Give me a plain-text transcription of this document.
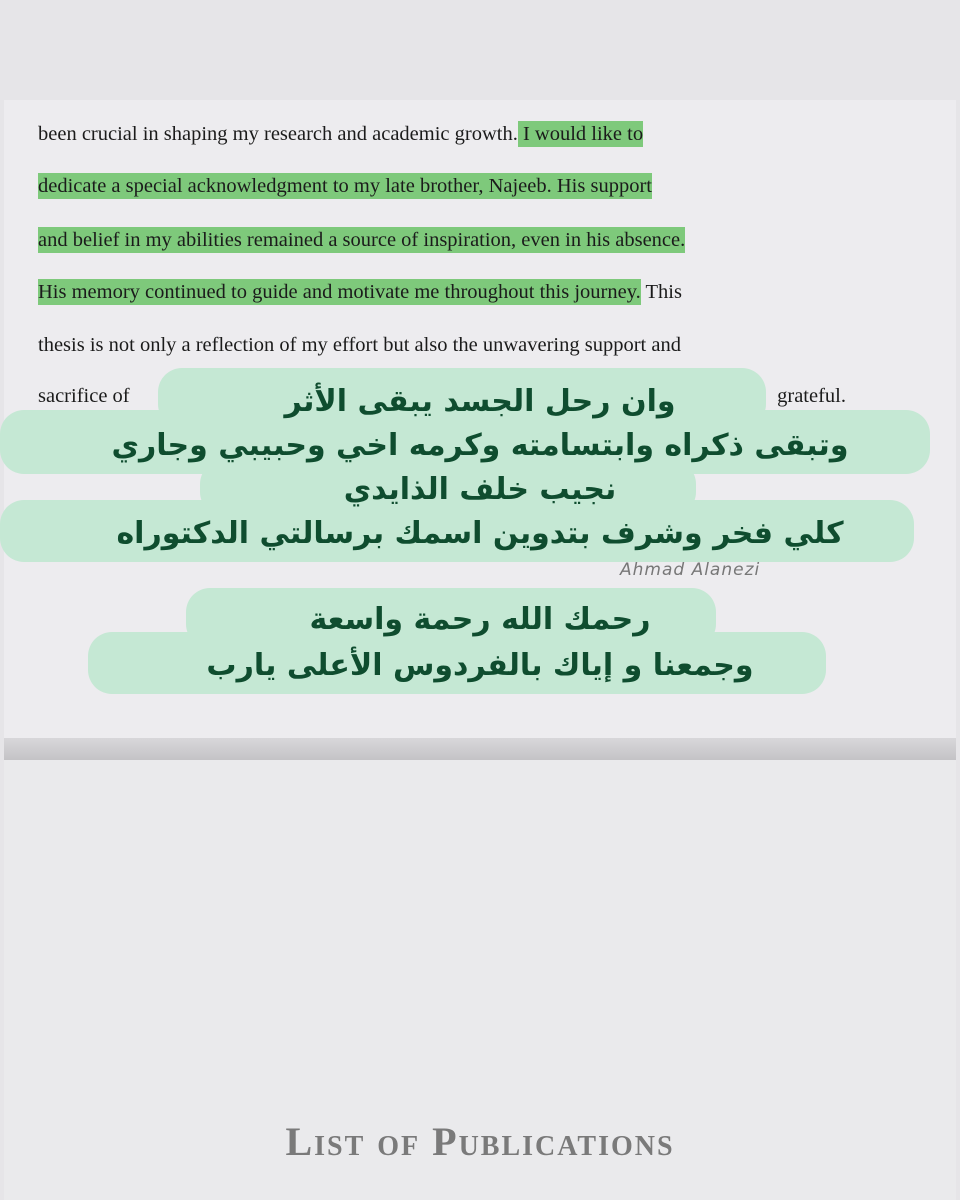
been crucial in shaping my research and academic growth. I would like to
dedicate a special acknowledgment to my late brother, Najeeb. His support
and belief in my abilities remained a source of inspiration, even in his absence.
His memory continued to guide and motivate me throughout this journey. This
thesis is not only a reflection of my effort but also the unwavering support and
sacrifice of	grateful.
وان رحل الجسد يبقى الأثر
وتبقى ذكراه وابتسامته وكرمه اخي وحبيبي وجاري
نجيب خلف الذايدي
كلي فخر وشرف بتدوين اسمك برسالتي الدكتوراه
رحمك الله رحمة واسعة
وجمعنا و إياك بالفردوس الأعلى يارب
Ahmad Alanezi
List of Publications
